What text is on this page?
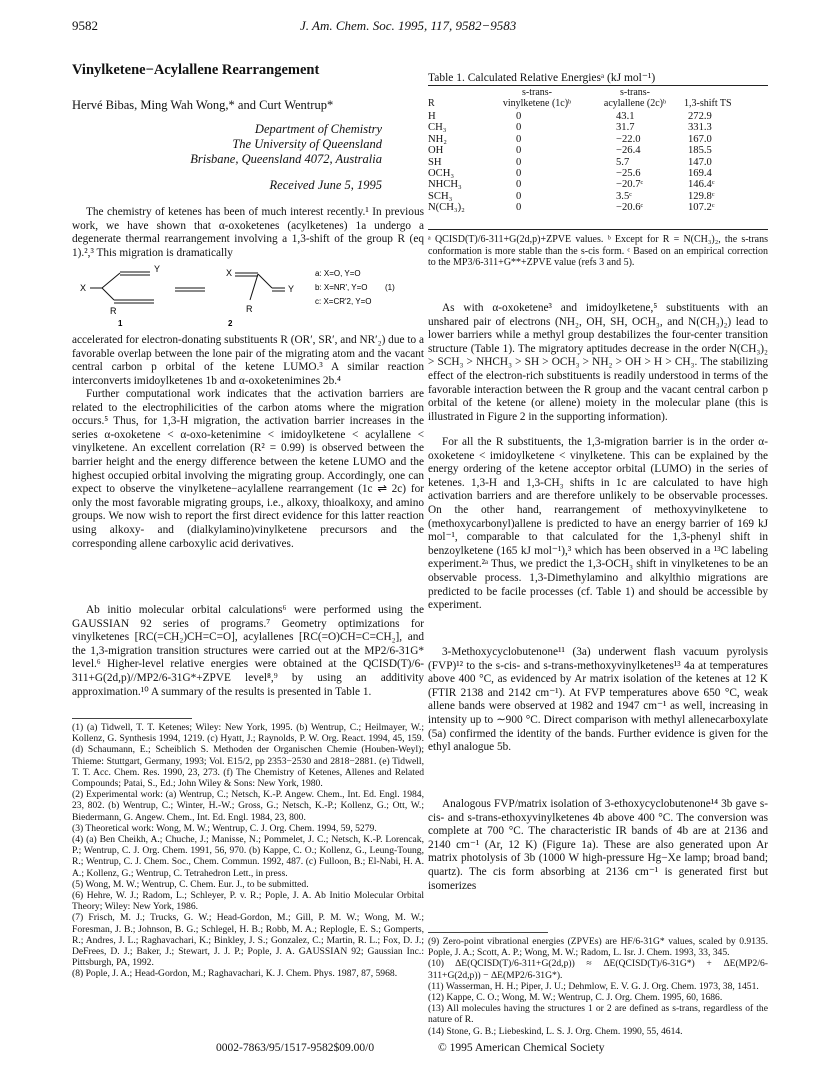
9582	J. Am. Chem. Soc. 1995, 117, 9582−9583
Vinylketene−Acylallene Rearrangement
Hervé Bibas, Ming Wah Wong,* and Curt Wentrup*
Department of Chemistry
The University of Queensland
Brisbane, Queensland 4072, Australia
Received June 5, 1995

The chemistry of ketenes has been of much interest recently.¹ In previous work, we have shown that α-oxoketenes (acylketenes) 1a undergo a degenerate thermal rearrangement involving a 1,3-shift of the group R (eq 1).²,³ This migration is dramatically

Y
X
X
Y
R	R
1	2
a: X=O, Y=O
b: X=NR', Y=O
c: X=CR'2, Y=O
(1)

accelerated for electron-donating substituents R (OR′, SR′, and NR′₂) due to a favorable overlap between the lone pair of the migrating atom and the vacant central carbon p orbital of the ketene LUMO.³ A similar reaction interconverts imidoylketenes 1b and α-oxoketenimines 2b.⁴

Further computational work indicates that the activation barriers are related to the electrophilicities of the carbon atoms where the migration occurs.⁵ Thus, for 1,3-H migration, the activation barrier increases in the series α-oxoketene < α-oxo-ketenimine < imidoylketene < acylallene < vinylketene. An excellent correlation (R² = 0.99) is observed between the barrier height and the energy difference between the ketene LUMO and the highest occupied orbital involving the migrating group. Accordingly, one can expect to observe the vinylketene−acylallene rearrangement (1c ⇌ 2c) for only the most favorable migrating groups, i.e., alkoxy, thioalkoxy, and amino groups. We now wish to report the first direct evidence for this latter reaction using alkoxy- and (dialkylamino)vinylketene precursors and the corresponding allene carboxylic acid derivatives.

Ab initio molecular orbital calculations⁶ were performed using the GAUSSIAN 92 series of programs.⁷ Geometry optimizations for vinylketenes [RC(=CH₂)CH=C=O], acylallenes [RC(=O)CH=C=CH₂], and the 1,3-migration transition structures were carried out at the MP2/6-31G* level.⁶ Higher-level relative energies were obtained at the QCISD(T)/6-311+G(2d,p)//MP2/6-31G*+ZPVE level⁸,⁹ by using an additivity approximation.¹⁰ A summary of the results is presented in Table 1.

(1) (a) Tidwell, T. T. Ketenes; Wiley: New York, 1995. (b) Wentrup, C.; Heilmayer, W.; Kollenz, G. Synthesis 1994, 1219. (c) Hyatt, J.; Raynolds, P. W. Org. React. 1994, 45, 159. (d) Schaumann, E.; Scheiblich S. Methoden der Organischen Chemie (Houben-Weyl); Thieme: Stuttgart, Germany, 1993; Vol. E15/2, pp 2353−2530 and 2818−2881. (e) Tidwell, T. T. Acc. Chem. Res. 1990, 23, 273. (f) The Chemistry of Ketenes, Allenes and Related Compounds; Patai, S., Ed.; John Wiley & Sons: New York, 1980.
(2) Experimental work: (a) Wentrup, C.; Netsch, K.-P. Angew. Chem., Int. Ed. Engl. 1984, 23, 802. (b) Wentrup, C.; Winter, H.-W.; Gross, G.; Netsch, K.-P.; Kollenz, G.; Ott, W.; Biedermann, G. Angew. Chem., Int. Ed. Engl. 1984, 23, 800.
(3) Theoretical work: Wong, M. W.; Wentrup, C. J. Org. Chem. 1994, 59, 5279.
(4) (a) Ben Cheikh, A.; Chuche, J.; Manisse, N.; Pommelet, J. C.; Netsch, K.-P. Lorencak, P.; Wentrup, C. J. Org. Chem. 1991, 56, 970. (b) Kappe, C. O.; Kollenz, G., Leung-Toung, R.; Wentrup, C. J. Chem. Soc., Chem. Commun. 1992, 487. (c) Fulloon, B.; El-Nabi, H. A. A.; Kollenz, G.; Wentrup, C. Tetrahedron Lett., in press.
(5) Wong, M. W.; Wentrup, C. Chem. Eur. J., to be submitted.
(6) Hehre, W. J.; Radom, L.; Schleyer, P. v. R.; Pople, J. A. Ab Initio Molecular Orbital Theory; Wiley: New York, 1986.
(7) Frisch, M. J.; Trucks, G. W.; Head-Gordon, M.; Gill, P. M. W.; Wong, M. W.; Foresman, J. B.; Johnson, B. G.; Schlegel, H. B.; Robb, M. A.; Replogle, E. S.; Gomperts, R.; Andres, J. L.; Raghavachari, K.; Binkley, J. S.; Gonzalez, C.; Martin, R. L.; Fox, D. J.; DeFrees, D. J.; Baker, J.; Stewart, J. J. P.; Pople, J. A. GAUSSIAN 92; Gaussian Inc.: Pittsburgh, PA, 1992.
(8) Pople, J. A.; Head-Gordon, M.; Raghavachari, K. J. Chem. Phys. 1987, 87, 5968.
Table 1. Calculated Relative Energiesᵃ (kJ mol⁻¹)
R	s-trans-
vinylketene (1c)ᵇ	s-trans-
acylallene (2c)ᵇ	1,3-shift TS
H	0	43.1	272.9
CH₃	0	31.7	331.3
NH₂	0	−22.0	167.0
OH	0	−26.4	185.5
SH	0	5.7	147.0
OCH₃	0	−25.6	169.4
NHCH₃	0	−20.7ᶜ	146.4ᶜ
SCH₃	0	3.5ᶜ	129.8ᶜ
N(CH₃)₂	0	−20.6ᶜ	107.2ᶜ
ᵃ QCISD(T)/6-311+G(2d,p)+ZPVE values. ᵇ Except for R = N(CH₃)₂, the s-trans conformation is more stable than the s-cis form. ᶜ Based on an empirical correction to the MP3/6-311+G**+ZPVE value (refs 3 and 5).

As with α-oxoketene³ and imidoylketene,⁵ substituents with an unshared pair of electrons (NH₂, OH, SH, OCH₃, and N(CH₃)₂) lead to lower barriers while a methyl group destabilizes the four-center transition structure (Table 1). The migratory aptitudes decrease in the order N(CH₃)₂ > SCH₃ > NHCH₃ > SH > OCH₃ > NH₂ > OH > H > CH₃. The stabilizing effect of the electron-rich substituents is readily understood in terms of the favorable interaction between the R group and the vacant central carbon p orbital of the ketene (or allene) moiety in the molecular plane (this is illustrated in Figure 2 in the supporting information).

For all the R substituents, the 1,3-migration barrier is in the order α-oxoketene < imidoylketene < vinylketene. This can be explained by the energy ordering of the ketene acceptor orbital (LUMO) in the series of ketenes. 1,3-H and 1,3-CH₃ shifts in 1c are calculated to have high activation barriers and are therefore unlikely to be observable processes. On the other hand, rearrangement of methoxyvinylketene to (methoxycarbonyl)allene is predicted to have an energy barrier of 169 kJ mol⁻¹, comparable to that calculated for the 1,3-phenyl shift in benzoylketene (165 kJ mol⁻¹),³ which has been observed in a ¹³C labeling experiment.²ᵃ Thus, we predict the 1,3-OCH₃ shift in vinylketenes to be an observable process. 1,3-Dimethylamino and alkylthio migrations are predicted to be facile processes (cf. Table 1) and should be accessible by experiment.

3-Methoxycyclobutenone¹¹ (3a) underwent flash vacuum pyrolysis (FVP)¹² to the s-cis- and s-trans-methoxyvinylketenes¹³ 4a at temperatures above 400 °C, as evidenced by Ar matrix isolation of the ketenes at 12 K (FTIR 2138 and 2142 cm⁻¹). At FVP temperatures above 650 °C, weak allene bands were observed at 1982 and 1947 cm⁻¹ as well, increasing in intensity up to ∼900 °C. Direct comparison with methyl allenecarboxylate (5a) confirmed the identity of the bands. Further evidence is given for the ethyl analogue 5b.

Analogous FVP/matrix isolation of 3-ethoxycyclobutenone¹⁴ 3b gave s-cis- and s-trans-ethoxyvinylketenes 4b above 400 °C. The conversion was complete at 700 °C. The characteristic IR bands of 4b are at 2136 and 2140 cm⁻¹ (Ar, 12 K) (Figure 1a). These are also generated upon Ar matrix photolysis of 3b (1000 W high-pressure Hg−Xe lamp; broad band; quartz). The cis form absorbing at 2136 cm⁻¹ is generated first but isomerizes

(9) Zero-point vibrational energies (ZPVEs) are HF/6-31G* values, scaled by 0.9135. Pople, J. A.; Scott, A. P.; Wong, M. W.; Radom, L. Isr. J. Chem. 1993, 33, 345.
(10) ΔE(QCISD(T)/6-311+G(2d,p)) ≈ ΔE(QCISD(T)/6-31G*) + ΔE(MP2/6-311+G(2d,p)) − ΔE(MP2/6-31G*).
(11) Wasserman, H. H.; Piper, J. U.; Dehmlow, E. V. G. J. Org. Chem. 1973, 38, 1451.
(12) Kappe, C. O.; Wong, M. W.; Wentrup, C. J. Org. Chem. 1995, 60, 1686.
(13) All molecules having the structures 1 or 2 are defined as s-trans, regardless of the nature of R.
(14) Stone, G. B.; Liebeskind, L. S. J. Org. Chem. 1990, 55, 4614.
0002-7863/95/1517-9582$09.00/0	© 1995 American Chemical Society
